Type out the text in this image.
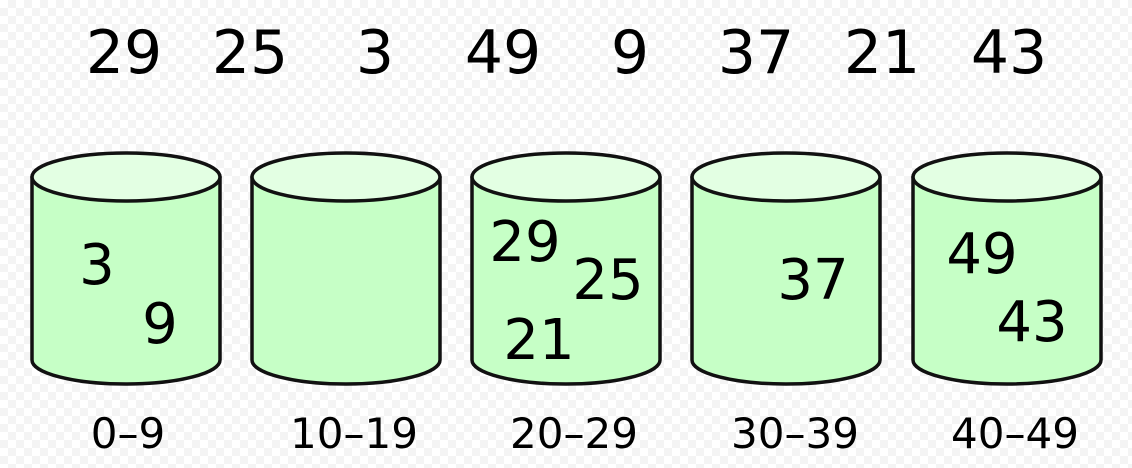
29 25 3 49 9 37 21 43
3
9
0–9	10–19
29
25
21
20–29
37
30–39
49
43
40–49
